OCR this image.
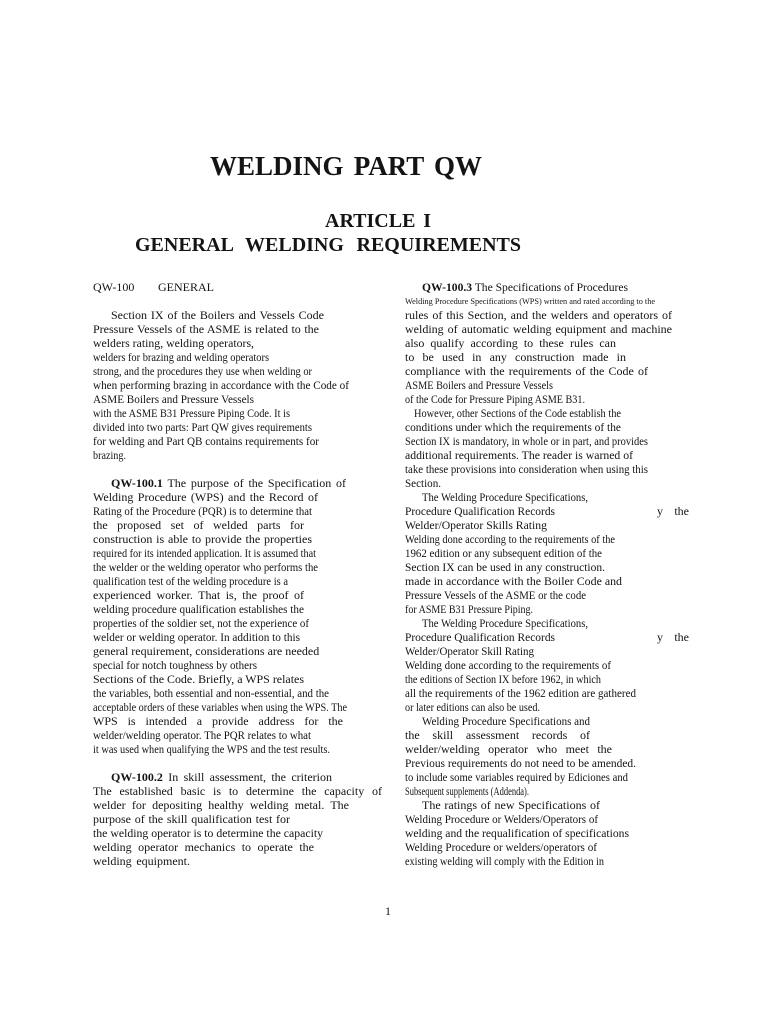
WELDING PART QW
ARTICLE I
GENERAL WELDING REQUIREMENTS
QW-100 GENERAL
Section IX of the Boilers and Vessels Code
Pressure Vessels of the ASME is related to the
welders rating, welding operators,
welders for brazing and welding operators
strong, and the procedures they use when welding or
when performing brazing in accordance with the Code of
ASME Boilers and Pressure Vessels
with the ASME B31 Pressure Piping Code. It is
divided into two parts: Part QW gives requirements
for welding and Part QB contains requirements for
brazing.
QW-100.1 The purpose of the Specification of
Welding Procedure (WPS) and the Record of
Rating of the Procedure (PQR) is to determine that
the proposed set of welded parts for
construction is able to provide the properties
required for its intended application. It is assumed that
the welder or the welding operator who performs the
qualification test of the welding procedure is a
experienced worker. That is, the proof of
welding procedure qualification establishes the
properties of the soldier set, not the experience of
welder or welding operator. In addition to this
general requirement, considerations are needed
special for notch toughness by others
Sections of the Code. Briefly, a WPS relates
the variables, both essential and non-essential, and the
acceptable orders of these variables when using the WPS. The
WPS is intended a provide address for the
welder/welding operator. The PQR relates to what
it was used when qualifying the WPS and the test results.
QW-100.2 In skill assessment, the criterion
The established basic is to determine the capacity of
welder for depositing healthy welding metal. The
purpose of the skill qualification test for
the welding operator is to determine the capacity
welding operator mechanics to operate the
welding equipment.
QW-100.3 The Specifications of Procedures
Welding Procedure Specifications (WPS) written and rated according to the
rules of this Section, and the welders and operators of
welding of automatic welding equipment and machine
also qualify according to these rules can
to be used in any construction made in
compliance with the requirements of the Code of
ASME Boilers and Pressure Vessels
of the Code for Pressure Piping ASME B31.
However, other Sections of the Code establish the
conditions under which the requirements of the
Section IX is mandatory, in whole or in part, and provides
additional requirements. The reader is warned of
take these provisions into consideration when using this
Section.
The Welding Procedure Specifications,
Procedure Qualification Records	y the
Welder/Operator Skills Rating
Welding done according to the requirements of the
1962 edition or any subsequent edition of the
Section IX can be used in any construction.
made in accordance with the Boiler Code and
Pressure Vessels of the ASME or the code
for ASME B31 Pressure Piping.
The Welding Procedure Specifications,
Procedure Qualification Records	y the
Welder/Operator Skill Rating
Welding done according to the requirements of
the editions of Section IX before 1962, in which
all the requirements of the 1962 edition are gathered
or later editions can also be used.
Welding Procedure Specifications and
the skill assessment records of
welder/welding operator who meet the
Previous requirements do not need to be amended.
to include some variables required by Ediciones and
Subsequent supplements (Addenda).
The ratings of new Specifications of
Welding Procedure or Welders/Operators of
welding and the requalification of specifications
Welding Procedure or welders/operators of
existing welding will comply with the Edition in
1
